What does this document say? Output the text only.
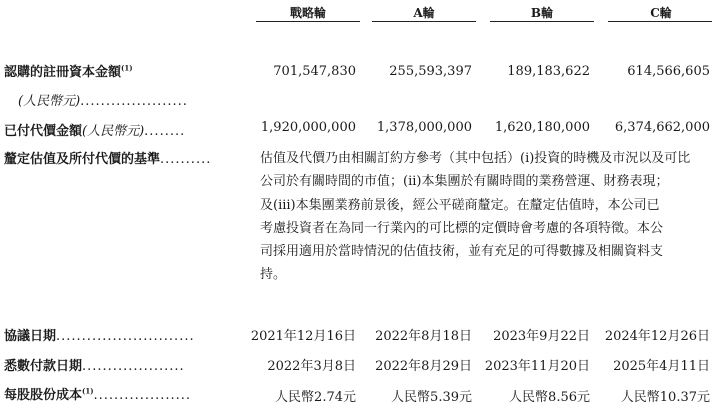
戰略輪	A輪	B輪	C輪
認購的註冊資本金額$^{(1)}$
(人民幣元).....................
701,547,830	255,593,397	189,183,622	614,566,605
已付代價金額(人民幣元)........	1,920,000,000	1,378,000,000	1,620,180,000	6,374,662,000
釐定估值及所付代價的基準..........	估值及代價乃由相關訂約方參考（其中包括）(i)投資的時機及市況以及可比

公司於有關時間的市值；(ii)本集團於有關時間的業務營運、財務表現；

及(iii)本集團業務前景後，經公平磋商釐定。在釐定估值時，本公司已

考慮投資者在為同一行業內的可比標的定價時會考慮的各項特徵。本公

司採用適用於當時情況的估值技術，並有充足的可得數據及相關資料支

持。

協議日期...........................	2021年12月16日	2022年8月18日	2023年9月22日	2024年12月26日
悉數付款日期....................	2022年3月8日	2022年8月29日 2023年11月20日	2025年4月11日
每股股份成本$^{(1)}$...................	人民幣2.74元	人民幣5.39元	人民幣8.56元	人民幣10.37元
